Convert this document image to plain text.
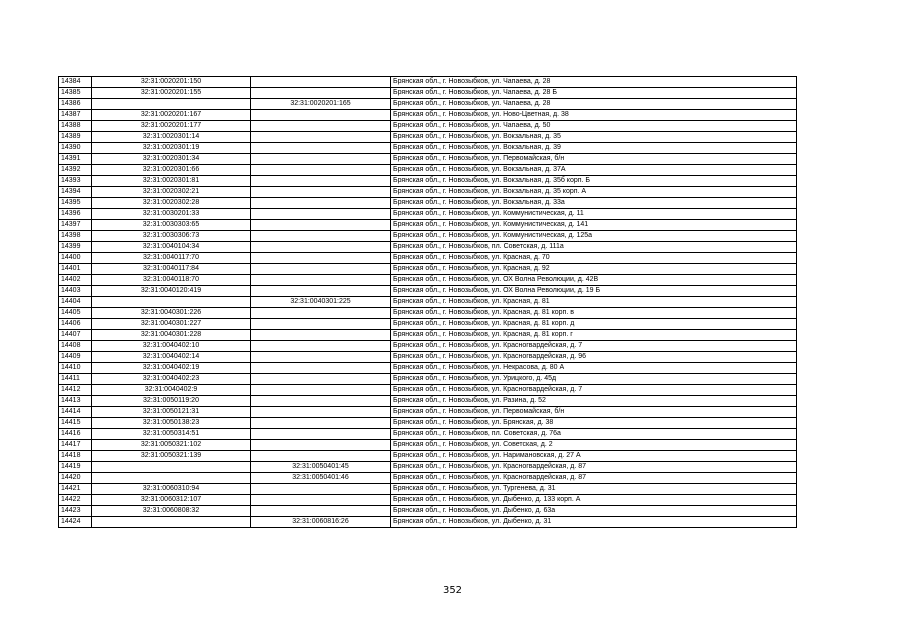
14384	32:31:0020201:150		Брянская обл., г. Новозыбков, ул. Чапаева, д. 28
14385	32:31:0020201:155		Брянская обл., г. Новозыбков, ул. Чапаева, д. 28 Б
14386		32:31:0020201:165	Брянская обл., г. Новозыбков, ул. Чапаева, д. 28
14387	32:31:0020201:167		Брянская обл., г. Новозыбков, ул. Ново-Цветная, д. 38
14388	32:31:0020201:177		Брянская обл., г. Новозыбков, ул. Чапаева, д. 50
14389	32:31:0020301:14		Брянская обл., г. Новозыбков, ул. Вокзальная, д. 35
14390	32:31:0020301:19		Брянская обл., г. Новозыбков, ул. Вокзальная, д. 39
14391	32:31:0020301:34		Брянская обл., г. Новозыбков, ул. Первомайская, б/н
14392	32:31:0020301:66		Брянская обл., г. Новозыбков, ул. Вокзальная, д. 37А
14393	32:31:0020301:81		Брянская обл., г. Новозыбков, ул. Вокзальная, д. 35б корп. Б
14394	32:31:0020302:21		Брянская обл., г. Новозыбков, ул. Вокзальная, д. 35 корп. А
14395	32:31:0020302:28		Брянская обл., г. Новозыбков, ул. Вокзальная, д. 33а
14396	32:31:0030201:33		Брянская обл., г. Новозыбков, ул. Коммунистическая, д. 11
14397	32:31:0030303:65		Брянская обл., г. Новозыбков, ул. Коммунистическая, д. 141
14398	32:31:0030306:73		Брянская обл., г. Новозыбков, ул. Коммунистическая, д. 125а
14399	32:31:0040104:34		Брянская обл., г. Новозыбков, пл. Советская, д. 111а
14400	32:31:0040117:70		Брянская обл., г. Новозыбков, ул. Красная, д. 70
14401	32:31:0040117:84		Брянская обл., г. Новозыбков, ул. Красная, д. 92
14402	32:31:0040118:70		Брянская обл., г. Новозыбков, ул. ОХ Волна Революции, д. 42В
14403	32:31:0040120:419		Брянская обл., г. Новозыбков, ул. ОХ Волна Революции, д. 19 Б
14404		32:31:0040301:225	Брянская обл., г. Новозыбков, ул. Красная, д. 81
14405	32:31:0040301:226		Брянская обл., г. Новозыбков, ул. Красная, д. 81 корп. в
14406	32:31:0040301:227		Брянская обл., г. Новозыбков, ул. Красная, д. 81 корп. д
14407	32:31:0040301:228		Брянская обл., г. Новозыбков, ул. Красная, д. 81 корп. г
14408	32:31:0040402:10		Брянская обл., г. Новозыбков, ул. Красногвардейская, д. 7
14409	32:31:0040402:14		Брянская обл., г. Новозыбков, ул. Красногвардейская, д. 96
14410	32:31:0040402:19		Брянская обл., г. Новозыбков, ул. Некрасова, д. 80 А
14411	32:31:0040402:23		Брянская обл., г. Новозыбков, ул. Урицкого, д. 45д
14412	32:31:0040402:9		Брянская обл., г. Новозыбков, ул. Красногвардейская, д. 7
14413	32:31:0050119:20		Брянская обл., г. Новозыбков, ул. Разина, д. 52
14414	32:31:0050121:31		Брянская обл., г. Новозыбков, ул. Первомайская, б/н
14415	32:31:0050138:23		Брянская обл., г. Новозыбков, ул. Брянская, д. 38
14416	32:31:0050314:51		Брянская обл., г. Новозыбков, пл. Советская, д. 76а
14417	32:31:0050321:102		Брянская обл., г. Новозыбков, ул. Советская, д. 2
14418	32:31:0050321:139		Брянская обл., г. Новозыбков, ул. Наримановская, д. 27 А
14419		32:31:0050401:45	Брянская обл., г. Новозыбков, ул. Красногвардейская, д. 87
14420		32:31:0050401:46	Брянская обл., г. Новозыбков, ул. Красногвардейская, д. 87
14421	32:31:0060310:94		Брянская обл., г. Новозыбков, ул. Тургенева, д. 31
14422	32:31:0060312:107		Брянская обл., г. Новозыбков, ул. Дыбенко, д. 133 корп. А
14423	32:31:0060808:32		Брянская обл., г. Новозыбков, ул. Дыбенко, д. 63а
14424		32:31:0060816:26	Брянская обл., г. Новозыбков, ул. Дыбенко, д. 31
352
